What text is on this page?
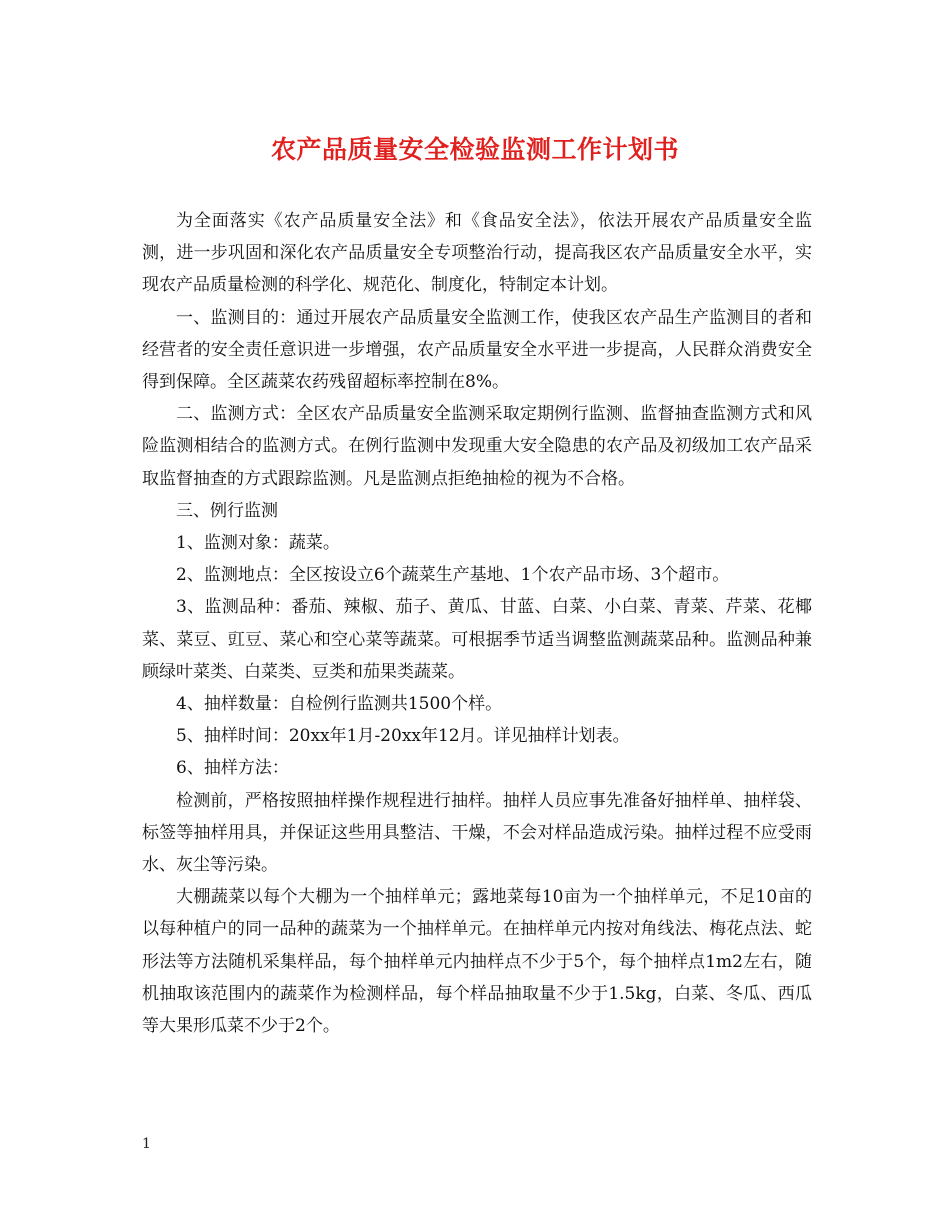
农产品质量安全检验监测工作计划书

为全面落实《农产品质量安全法》和《食品安全法》，依法开展农产品质量安全监测，进一步巩固和深化农产品质量安全专项整治行动，提高我区农产品质量安全水平，实现农产品质量检测的科学化、规范化、制度化，特制定本计划。

一、监测目的：通过开展农产品质量安全监测工作，使我区农产品生产监测目的者和经营者的安全责任意识进一步增强，农产品质量安全水平进一步提高，人民群众消费安全得到保障。全区蔬菜农药残留超标率控制在8%。

二、监测方式：全区农产品质量安全监测采取定期例行监测、监督抽查监测方式和风险监测相结合的监测方式。在例行监测中发现重大安全隐患的农产品及初级加工农产品采取监督抽查的方式跟踪监测。凡是监测点拒绝抽检的视为不合格。

三、例行监测

1、监测对象：蔬菜。

2、监测地点：全区按设立6个蔬菜生产基地、1个农产品市场、3个超市。

3、监测品种：番茄、辣椒、茄子、黄瓜、甘蓝、白菜、小白菜、青菜、芹菜、花椰菜、菜豆、豇豆、菜心和空心菜等蔬菜。可根据季节适当调整监测蔬菜品种。监测品种兼顾绿叶菜类、白菜类、豆类和茄果类蔬菜。

4、抽样数量：自检例行监测共1500个样。

5、抽样时间：20xx年1月-20xx年12月。详见抽样计划表。

6、抽样方法：

检测前，严格按照抽样操作规程进行抽样。抽样人员应事先准备好抽样单、抽样袋、标签等抽样用具，并保证这些用具整洁、干燥，不会对样品造成污染。抽样过程不应受雨水、灰尘等污染。

大棚蔬菜以每个大棚为一个抽样单元；露地菜每10亩为一个抽样单元，不足10亩的以每种植户的同一品种的蔬菜为一个抽样单元。在抽样单元内按对角线法、梅花点法、蛇形法等方法随机采集样品，每个抽样单元内抽样点不少于5个，每个抽样点1m2左右，随机抽取该范围内的蔬菜作为检测样品，每个样品抽取量不少于1.5kg，白菜、冬瓜、西瓜等大果形瓜菜不少于2个。

1
